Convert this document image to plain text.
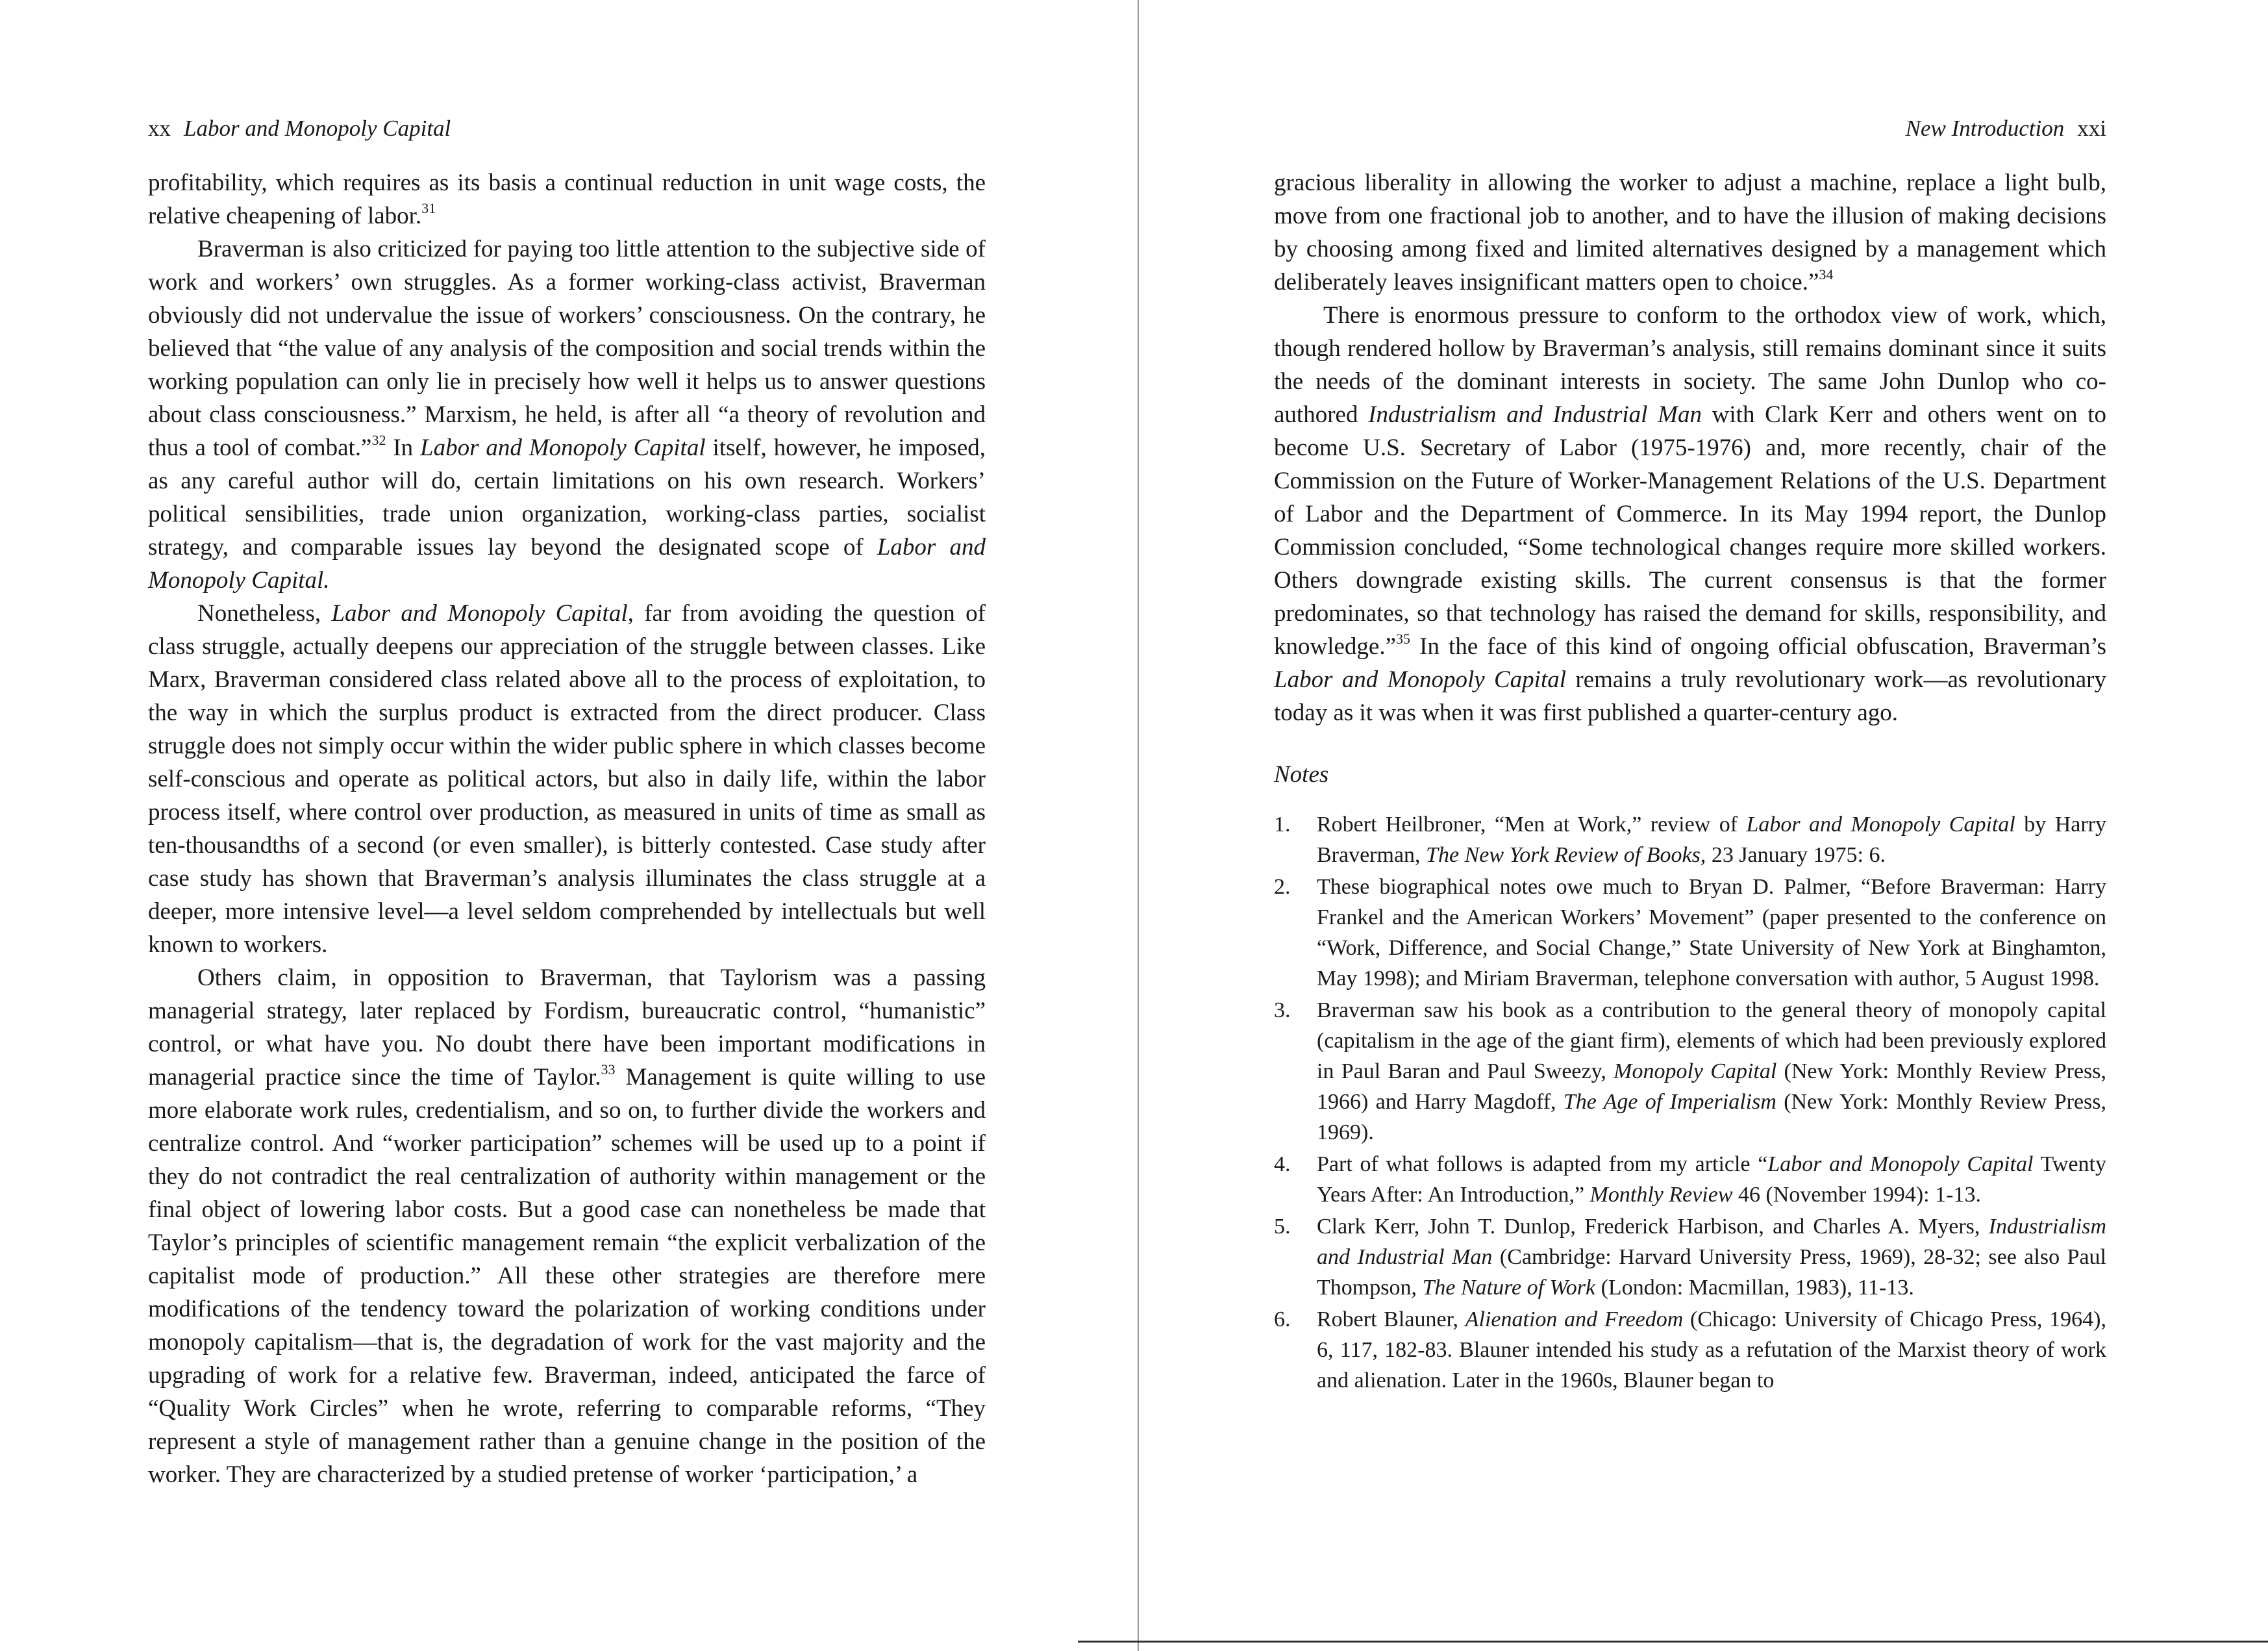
xx Labor and Monopoly Capital

profitability, which requires as its basis a continual reduction in unit wage costs, the relative cheapening of labor.$^{31}$

Braverman is also criticized for paying too little attention to the subjective side of work and workers’ own struggles. As a former working-class activist, Braverman obviously did not undervalue the issue of workers’ consciousness. On the contrary, he believed that “the value of any analysis of the composition and social trends within the working population can only lie in precisely how well it helps us to answer questions about class consciousness.” Marxism, he held, is after all “a theory of revolution and thus a tool of combat.”$^{32}$ In Labor and Monopoly Capital itself, however, he imposed, as any careful author will do, certain limitations on his own research. Workers’ political sensibilities, trade union organization, working-class parties, socialist strategy, and comparable issues lay beyond the designated scope of Labor and Monopoly Capital.

Nonetheless, Labor and Monopoly Capital, far from avoiding the question of class struggle, actually deepens our appreciation of the struggle between classes. Like Marx, Braverman considered class related above all to the process of exploitation, to the way in which the surplus product is extracted from the direct producer. Class struggle does not simply occur within the wider public sphere in which classes become self-conscious and operate as political actors, but also in daily life, within the labor process itself, where control over production, as measured in units of time as small as ten-thousandths of a second (or even smaller), is bitterly contested. Case study after case study has shown that Braverman’s analysis illuminates the class struggle at a deeper, more intensive level—a level seldom comprehended by intellectuals but well known to workers.

Others claim, in opposition to Braverman, that Taylorism was a passing managerial strategy, later replaced by Fordism, bureaucratic control, “humanistic” control, or what have you. No doubt there have been important modifications in managerial practice since the time of Taylor.$^{33}$ Management is quite willing to use more elaborate work rules, credentialism, and so on, to further divide the workers and centralize control. And “worker participation” schemes will be used up to a point if they do not contradict the real centralization of authority within management or the final object of lowering labor costs. But a good case can nonetheless be made that Taylor’s principles of scientific management remain “the explicit verbalization of the capitalist mode of production.” All these other strategies are therefore mere modifications of the tendency toward the polarization of working conditions under monopoly capitalism—that is, the degradation of work for the vast majority and the upgrading of work for a relative few. Braverman, indeed, anticipated the farce of “Quality Work Circles” when he wrote, referring to comparable reforms, “They represent a style of management rather than a genuine change in the position of the worker. They are characterized by a studied pretense of worker ‘participation,’ a

New Introduction xxi

gracious liberality in allowing the worker to adjust a machine, replace a light bulb, move from one fractional job to another, and to have the illusion of making decisions by choosing among fixed and limited alternatives designed by a management which deliberately leaves insignificant matters open to choice.”$^{34}$

There is enormous pressure to conform to the orthodox view of work, which, though rendered hollow by Braverman’s analysis, still remains dominant since it suits the needs of the dominant interests in society. The same John Dunlop who co-authored Industrialism and Industrial Man with Clark Kerr and others went on to become U.S. Secretary of Labor (1975-1976) and, more recently, chair of the Commission on the Future of Worker-Management Relations of the U.S. Department of Labor and the Department of Commerce. In its May 1994 report, the Dunlop Commission concluded, “Some technological changes require more skilled workers. Others downgrade existing skills. The current consensus is that the former predominates, so that technology has raised the demand for skills, responsibility, and knowledge.”$^{35}$ In the face of this kind of ongoing official obfuscation, Braverman’s Labor and Monopoly Capital remains a truly revolutionary work—as revolutionary today as it was when it was first published a quarter-century ago.

Notes
1.	Robert Heilbroner, “Men at Work,” review of Labor and Monopoly Capital by Harry Braverman, The New York Review of Books, 23 January 1975: 6.
2.	These biographical notes owe much to Bryan D. Palmer, “Before Braverman: Harry Frankel and the American Workers’ Movement” (paper presented to the conference on “Work, Difference, and Social Change,” State University of New York at Binghamton, May 1998); and Miriam Braverman, telephone conversation with author, 5 August 1998.
3.	Braverman saw his book as a contribution to the general theory of monopoly capital (capitalism in the age of the giant firm), elements of which had been previously explored in Paul Baran and Paul Sweezy, Monopoly Capital (New York: Monthly Review Press, 1966) and Harry Magdoff, The Age of Imperialism (New York: Monthly Review Press, 1969).
4.	Part of what follows is adapted from my article “Labor and Monopoly Capital Twenty Years After: An Introduction,” Monthly Review 46 (November 1994): 1-13.
5.	Clark Kerr, John T. Dunlop, Frederick Harbison, and Charles A. Myers, Industrialism and Industrial Man (Cambridge: Harvard University Press, 1969), 28-32; see also Paul Thompson, The Nature of Work (London: Macmillan, 1983), 11-13.
6.	Robert Blauner, Alienation and Freedom (Chicago: University of Chicago Press, 1964), 6, 117, 182-83. Blauner intended his study as a refutation of the Marxist theory of work and alienation. Later in the 1960s, Blauner began to
